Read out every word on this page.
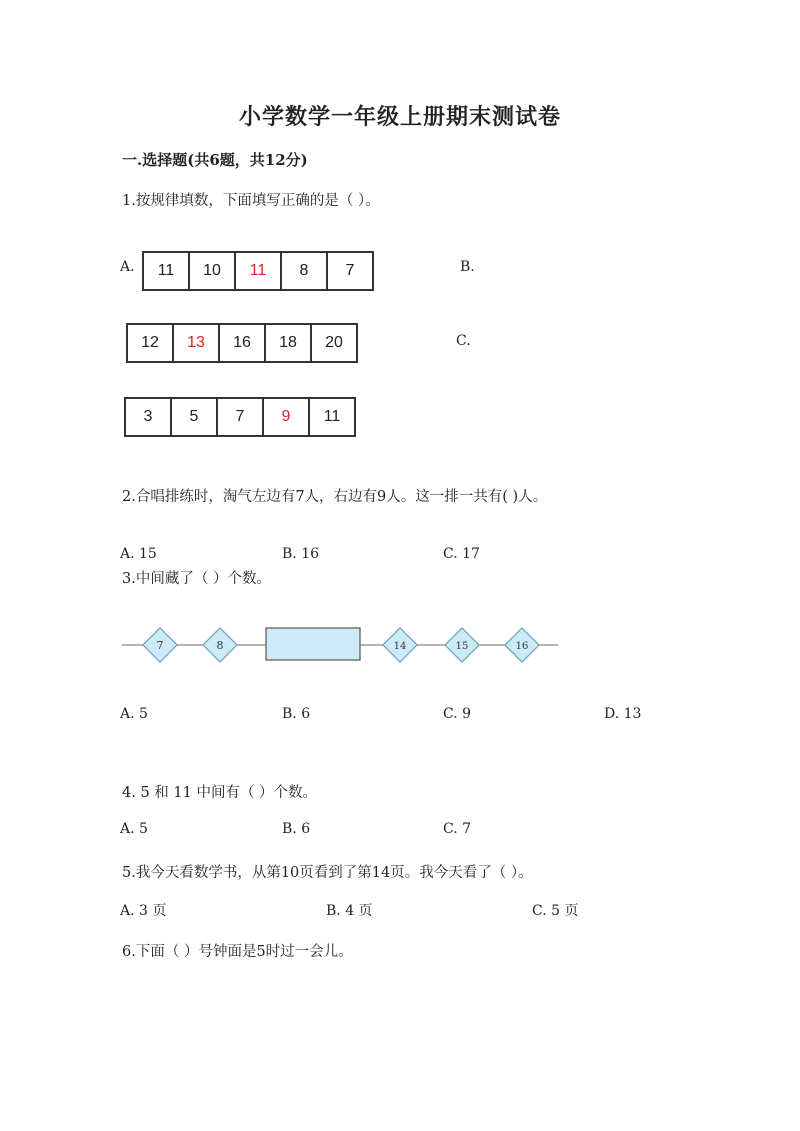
小学数学一年级上册期末测试卷
一.选择题(共6题，共12分)
1.按规律填数，下面填写正确的是（ ）。
A.	11	10	11	8	7	B.
12	13	16	18	20	C.
3	5	7	9	11
2.合唱排练时，淘气左边有7人，右边有9人。这一排一共有( )人。
A. 15	B. 16	C. 17
3.中间藏了（ ）个数。
7	8	14	15	16
A. 5	B. 6	C. 9	D. 13
4. 5 和 11 中间有（ ）个数。
A. 5	B. 6	C. 7
5.我今天看数学书，从第10页看到了第14页。我今天看了（ ）。
A. 3 页	B. 4 页	C. 5 页
6.下面（ ）号钟面是5时过一会儿。
